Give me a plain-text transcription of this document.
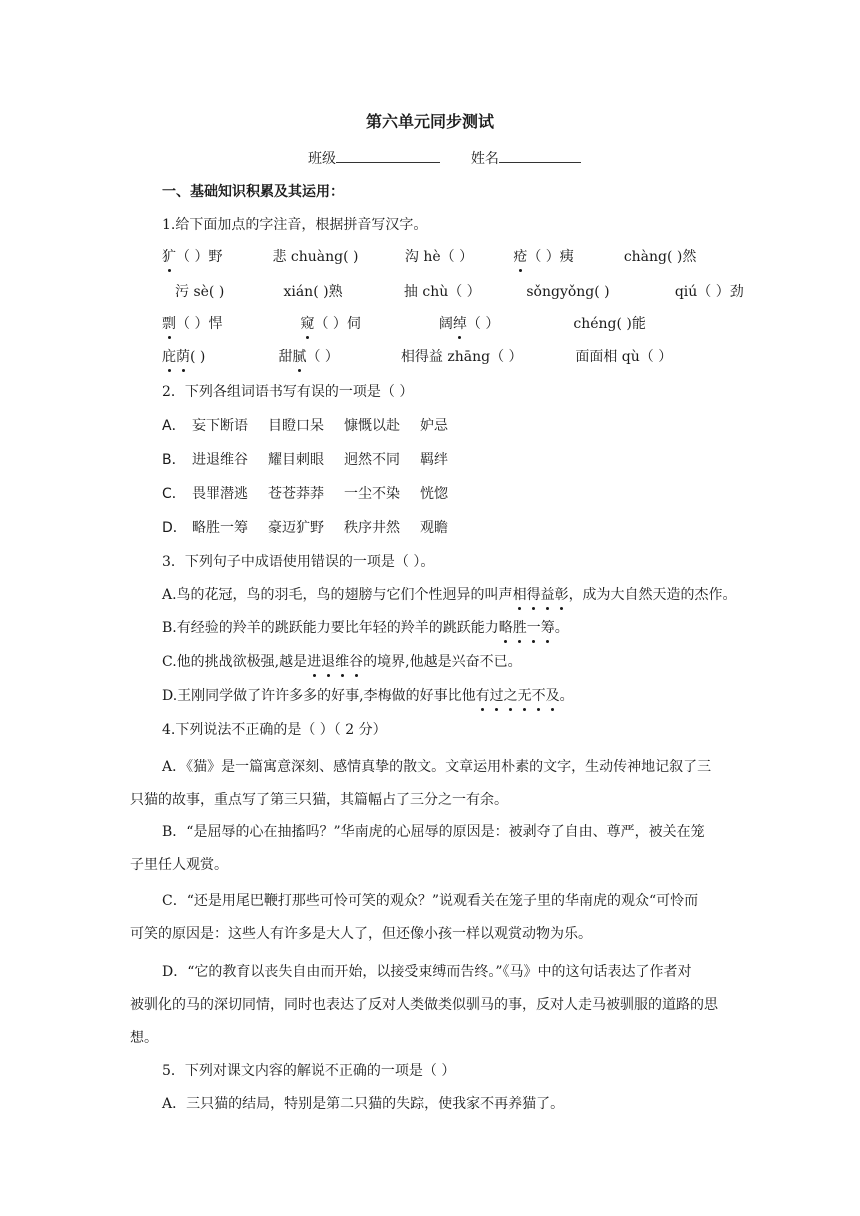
第六单元同步测试
班级	姓名
一、基础知识积累及其运用：
1.给下面加点的字注音，根据拼音写汉字。
犷（ ）野	悲 chuàng( )	沟 hè（ ）	疮（ ）痍	chàng( )然
污 sè( )	xián( )熟	抽 chù（ ）	sǒngyǒng( )	qiú（ ）劲
剽（ ）悍	窥（ ）伺	阔绰（ ）	chéng( )能
庇荫( )	甜腻（ ）	相得益 zhāng（ ）	面面相 qù（ ）
2．下列各组词语书写有误的一项是（ ）
A． 妄下断语 目瞪口呆 慷慨以赴 妒忌
B． 进退维谷 耀目刺眼 迥然不同 羁绊
C． 畏罪潜逃 苍苍莽莽 一尘不染 恍惚
D． 略胜一筹 豪迈犷野 秩序井然 观瞻
3．下列句子中成语使用错误的一项是（ ）。
A.鸟的花冠，鸟的羽毛，鸟的翅膀与它们个性迥异的叫声相得益彰，成为大自然天造的杰作。
B.有经验的羚羊的跳跃能力要比年轻的羚羊的跳跃能力略胜一筹。
C.他的挑战欲极强,越是进退维谷的境界,他越是兴奋不已。
D.王刚同学做了许许多多的好事,李梅做的好事比他有过之无不及。
4.下列说法不正确的是（ ）（ 2 分）
A．《猫》是一篇寓意深刻、感情真挚的散文。文章运用朴素的文字，生动传神地记叙了三
只猫的故事，重点写了第三只猫，其篇幅占了三分之一有余。
B．“是屈辱的心在抽搐吗？”华南虎的心屈辱的原因是：被剥夺了自由、尊严，被关在笼
子里任人观赏。
C．“还是用尾巴鞭打那些可怜可笑的观众？”说观看关在笼子里的华南虎的观众“可怜而
可笑的原因是：这些人有许多是大人了，但还像小孩一样以观赏动物为乐。
D．“它的教育以丧失自由而开始，以接受束缚而告终。”《马》中的这句话表达了作者对
被驯化的马的深切同情，同时也表达了反对人类做类似驯马的事，反对人走马被驯服的道路的思
想。
5．下列对课文内容的解说不正确的一项是（ ）
A．三只猫的结局，特别是第二只猫的失踪，使我家不再养猫了。
